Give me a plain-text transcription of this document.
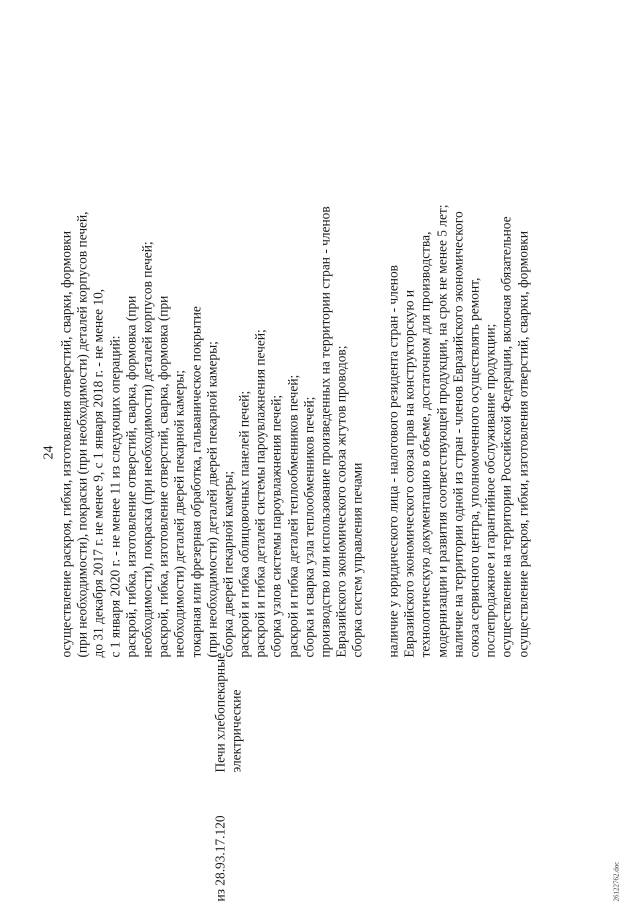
24
из 28.93.17.120
Печи хлебопекарные электрические
осуществление раскроя, гибки, изготовления отверстий, сварки, формовки (при необходимости), покраски (при необходимости) деталей корпусов печей, до 31 декабря 2017 г. не менее 9, с 1 января 2018 г. - не менее 10, с 1 января 2020 г. - не менее 11 из следующих операций: раскрой, гибка, изготовление отверстий, сварка, формовка (при необходимости), покраска (при необходимости) деталей корпусов печей; раскрой, гибка, изготовление отверстий, сварка, формовка (при необходимости) деталей дверей пекарной камеры; токарная или фрезерная обработка, гальваническое покрытие (при необходимости) деталей дверей пекарной камеры; сборка дверей пекарной камеры; раскрой и гибка облицовочных панелей печей; раскрой и гибка деталей системы пароувлажнения печей; сборка узлов системы пароувлажнения печей; раскрой и гибка деталей теплообменников печей; сборка и сварка узла теплообменников печей; производство или использование произведенных на территории стран - членов Евразийского экономического союза жгутов проводов; сборка систем управления печами наличие у юридического лица - налогового резидента стран - членов Евразийского экономического союза прав на конструкторскую и технологическую документацию в объеме, достаточном для производства, модернизации и развития соответствующей продукции, на срок не менее 5 лет; наличие на территории одной из стран - членов Евразийского экономического союза сервисного центра, уполномоченного осуществлять ремонт, послепродажное и гарантийное обслуживание продукции; осуществление на территории Российской Федерации, включая обязательное осуществление раскроя, гибки, изготовления отверстий, сварки, формовки
26122762.doc
